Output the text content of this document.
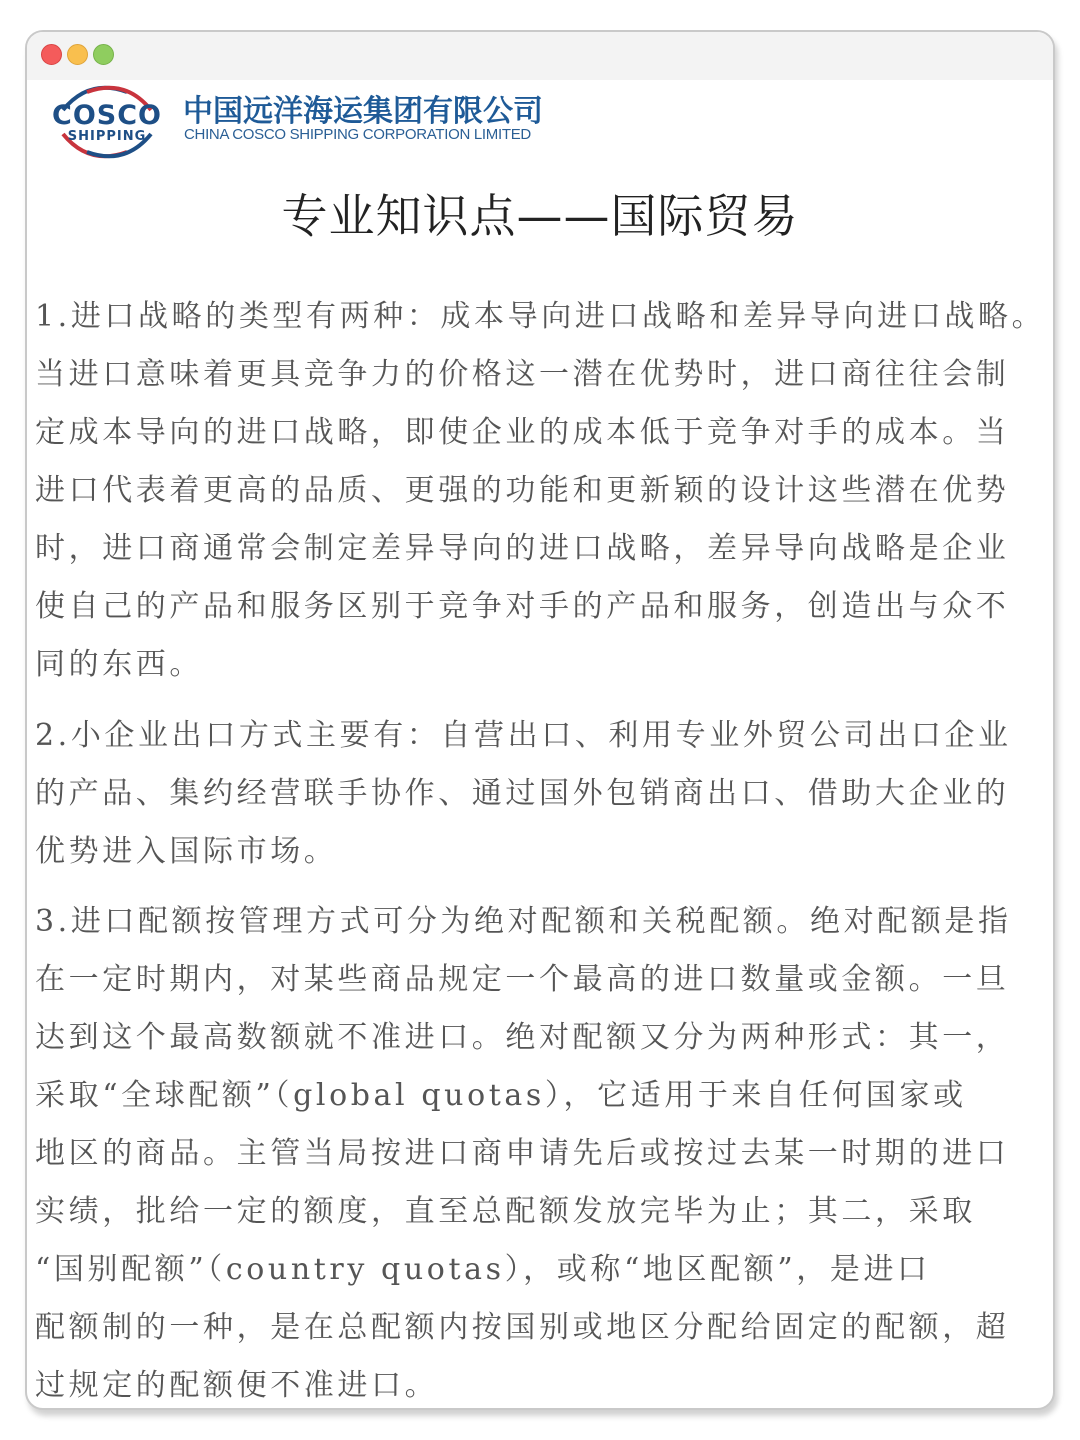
COSCO
SHIPPING
中国远洋海运集团有限公司
CHINA COSCO SHIPPING CORPORATION LIMITED
专业知识点——国际贸易
1.进口战略的类型有两种：成本导向进口战略和差异导向进口战略。
当进口意味着更具竞争力的价格这一潜在优势时，进口商往往会制
定成本导向的进口战略，即使企业的成本低于竞争对手的成本。当
进口代表着更高的品质、更强的功能和更新颖的设计这些潜在优势
时，进口商通常会制定差异导向的进口战略，差异导向战略是企业
使自己的产品和服务区别于竞争对手的产品和服务，创造出与众不
同的东西。
2.小企业出口方式主要有：自营出口、利用专业外贸公司出口企业
的产品、集约经营联手协作、通过国外包销商出口、借助大企业的
优势进入国际市场。
3.进口配额按管理方式可分为绝对配额和关税配额。绝对配额是指
在一定时期内，对某些商品规定一个最高的进口数量或金额。一旦
达到这个最高数额就不准进口。绝对配额又分为两种形式：其一，
采取“全球配额”（global quotas），它适用于来自任何国家或
地区的商品。主管当局按进口商申请先后或按过去某一时期的进口
实绩，批给一定的额度，直至总配额发放完毕为止；其二，采取
“国别配额”（country quotas），或称“地区配额”，是进口
配额制的一种，是在总配额内按国别或地区分配给固定的配额，超
过规定的配额便不准进口。
